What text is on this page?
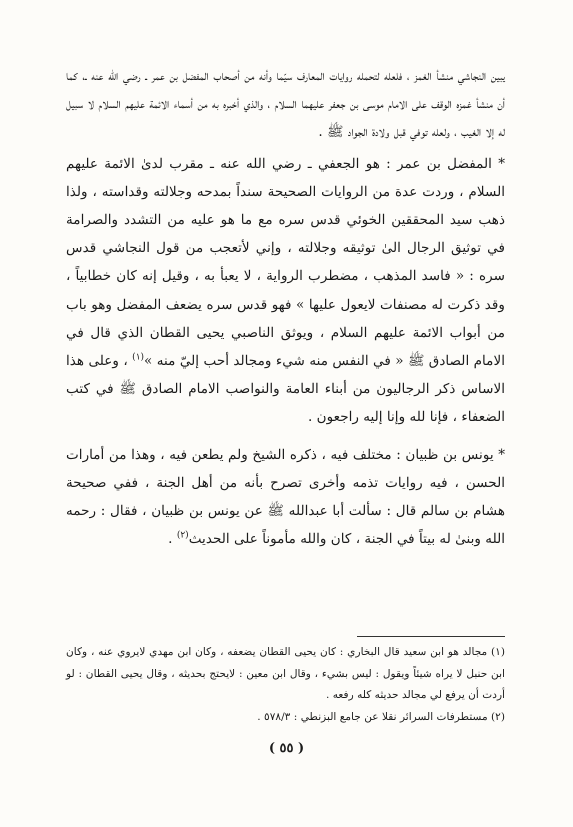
يبين النجاشي منشأ الغمز ، فلعله لتحمله روايات المعارف سيّما وأنه من أصحاب المفضل بن عمر ـ رضي الله عنه ـ، كما أن منشأ غمزه الوقف على الامام موسى بن جعفر عليهما السلام ، والذي أخبره به من أسماء الائمة عليهم السلام لا سبيل له إلا الغيب ، ولعله توفي قبل ولادة الجواد ﷺ .

* المفضل بن عمر : هو الجعفي ـ رضي الله عنه ـ مقرب لدىٰ الائمة عليهم السلام ، وردت عدة من الروايات الصحيحة سنداً بمدحه وجلالته وقداسته ، ولذا ذهب سيد المحققين الخوئي قدس سره مع ما هو عليه من التشدد والصرامة في توثيق الرجال الىٰ توثيقه وجلالته ، وإني لأتعجب من قول النجاشي قدس سره : « فاسد المذهب ، مضطرب الرواية ، لا يعبأ به ، وقيل إنه كان خطابياً ، وقد ذكرت له مصنفات لايعول عليها » فهو قدس سره يضعف المفضل وهو باب من أبواب الائمة عليهم السلام ، ويوثق الناصبي يحيى القطان الذي قال في الامام الصادق ﷺ « في النفس منه شيء ومجالد أحب إليّ منه »$^{(١)}$ ، وعلى هذا الاساس ذكر الرجاليون من أبناء العامة والنواصب الامام الصادق ﷺ في كتب الضعفاء ، فإنا لله وإنا إليه راجعون .

* يونس بن ظبيان : مختلف فيه ، ذكره الشيخ ولم يطعن فيه ، وهذا من أمارات الحسن ، فيه روايات تذمه وأخرى تصرح بأنه من أهل الجنة ، ففي صحيحة هشام بن سالم قال : سألت أبا عبدالله ﷺ عن يونس بن ظبيان ، فقال : رحمه الله وبنىٰ له بيتاً في الجنة ، كان والله مأموناً على الحديث$^{(٢)}$ .

(١) مجالد هو ابن سعيد قال البخاري : كان يحيى القطان يضعفه ، وكان ابن مهدي لايروي عنه ، وكان ابن حنبل لا يراه شيئاً ويقول : ليس بشيء ، وقال ابن معين : لايحتج بحديثه ، وقال يحيى القطان : لو أردت أن يرفع لي مجالد حديثه كله رفعه .

(٢) مستطرفات السرائر نقلا عن جامع البزنطي : ٥٧٨/٣ .

( ٥٥ )
